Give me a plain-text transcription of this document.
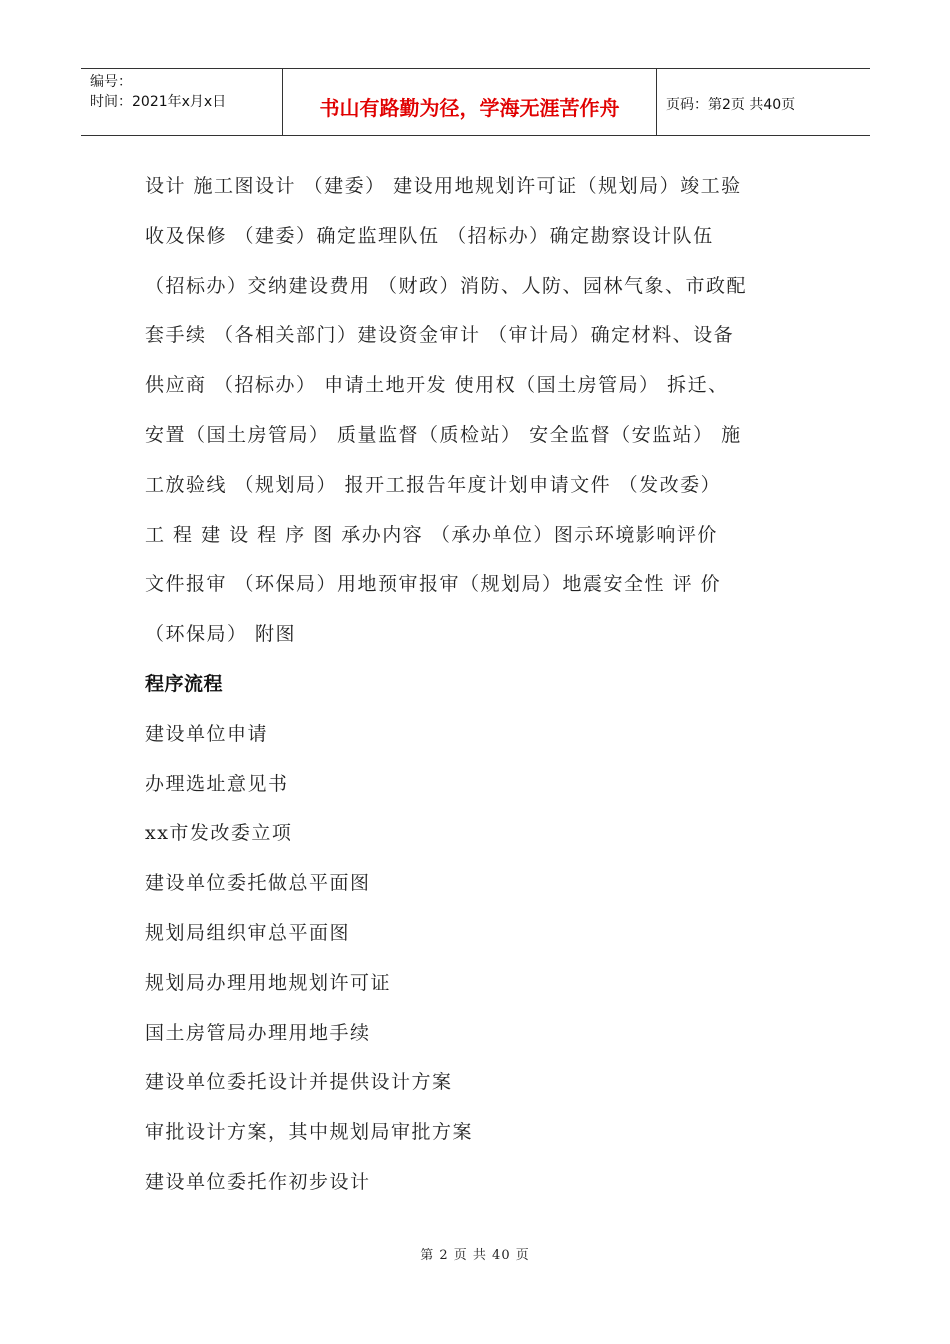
编号：
时间：2021年x月x日	书山有路勤为径，学海无涯苦作舟	页码：第2页 共40页
设计 施工图设计 （建委） 建设用地规划许可证（规划局）竣工验
收及保修 （建委）确定监理队伍 （招标办）确定勘察设计队伍
（招标办）交纳建设费用 （财政）消防、人防、园林气象、市政配
套手续 （各相关部门）建设资金审计 （审计局）确定材料、设备
供应商 （招标办） 申请土地开发 使用权（国土房管局） 拆迁、
安置（国土房管局） 质量监督（质检站） 安全监督（安监站） 施
工放验线 （规划局） 报开工报告年度计划申请文件 （发改委）
工 程 建 设 程 序 图 承办内容 （承办单位）图示环境影响评价
文件报审 （环保局）用地预审报审（规划局）地震安全性 评 价
（环保局） 附图
程序流程
建设单位申请
办理选址意见书
xx市发改委立项
建设单位委托做总平面图
规划局组织审总平面图
规划局办理用地规划许可证
国土房管局办理用地手续
建设单位委托设计并提供设计方案
审批设计方案，其中规划局审批方案
建设单位委托作初步设计
第 2 页 共 40 页
